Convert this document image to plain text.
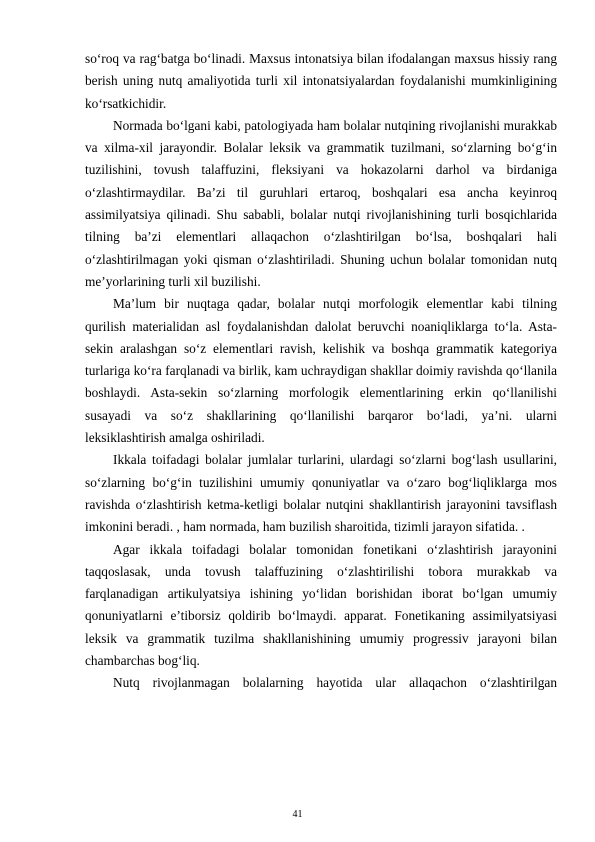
so‘roq va rag‘batga bo‘linadi. Maxsus intonatsiya bilan ifodalangan maxsus hissiy rang berish uning nutq amaliyotida turli xil intonatsiyalardan foydalanishi mumkinligining ko‘rsatkichidir.

Normada bo‘lgani kabi, patologiyada ham bolalar nutqining rivojlanishi murakkab va xilma-xil jarayondir. Bolalar leksik va grammatik tuzilmani, so‘zlarning bo‘g‘in tuzilishini, tovush talaffuzini, fleksiyani va hokazolarni darhol va birdaniga o‘zlashtirmaydilar. Ba’zi til guruhlari ertaroq, boshqalari esa ancha keyinroq assimilyatsiya qilinadi. Shu sababli, bolalar nutqi rivojlanishining turli bosqichlarida tilning ba’zi elementlari allaqachon o‘zlashtirilgan bo‘lsa, boshqalari hali o‘zlashtirilmagan yoki qisman o‘zlashtiriladi. Shuning uchun bolalar tomonidan nutq me’yorlarining turli xil buzilishi.

Ma’lum bir nuqtaga qadar, bolalar nutqi morfologik elementlar kabi tilning qurilish materialidan asl foydalanishdan dalolat beruvchi noaniqliklarga to‘la. Asta-sekin aralashgan so‘z elementlari ravish, kelishik va boshqa grammatik kategoriya turlariga ko‘ra farqlanadi va birlik, kam uchraydigan shakllar doimiy ravishda qo‘llanila boshlaydi. Asta-sekin so‘zlarning morfologik elementlarining erkin qo‘llanilishi susayadi va so‘z shakllarining qo‘llanilishi barqaror bo‘ladi, ya’ni. ularni leksiklashtirish amalga oshiriladi.

Ikkala toifadagi bolalar jumlalar turlarini, ulardagi so‘zlarni bog‘lash usullarini, so‘zlarning bo‘g‘in tuzilishini umumiy qonuniyatlar va o‘zaro bog‘liqliklarga mos ravishda o‘zlashtirish ketma-ketligi bolalar nutqini shakllantirish jarayonini tavsiflash imkonini beradi. , ham normada, ham buzilish sharoitida, tizimli jarayon sifatida. .

Agar ikkala toifadagi bolalar tomonidan fonetikani o‘zlashtirish jarayonini taqqoslasak, unda tovush talaffuzining o‘zlashtirilishi tobora murakkab va farqlanadigan artikulyatsiya ishining yo‘lidan borishidan iborat bo‘lgan umumiy qonuniyatlarni e’tiborsiz qoldirib bo‘lmaydi. apparat. Fonetikaning assimilyatsiyasi leksik va grammatik tuzilma shakllanishining umumiy progressiv jarayoni bilan chambarchas bog‘liq.

Nutq rivojlanmagan bolalarning hayotida ular allaqachon o‘zlashtirilgan

41
